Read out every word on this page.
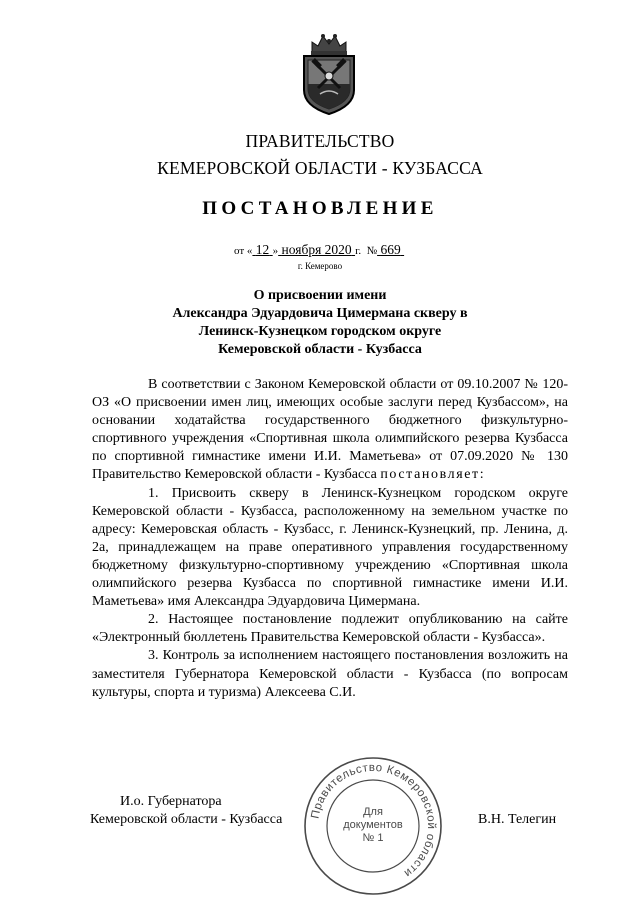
ПРАВИТЕЛЬСТВО
КЕМЕРОВСКОЙ ОБЛАСТИ - КУЗБАССА
ПОСТАНОВЛЕНИЕ
от « 12 » ноября 2020 г. № 669
г. Кемерово
О присвоении имени
Александра Эдуардовича Цимермана скверу в
Ленинск-Кузнецком городском округе
Кемеровской области - Кузбасса

В соответствии с Законом Кемеровской области от 09.10.2007 № 120-ОЗ «О присвоении имен лиц, имеющих особые заслуги перед Кузбассом», на основании ходатайства государственного бюджетного физкультурно-спортивного учреждения «Спортивная школа олимпийского резерва Кузбасса по спортивной гимнастике имени И.И. Маметьева» от 07.09.2020 № 130 Правительство Кемеровской области - Кузбасса постановляет:

1. Присвоить скверу в Ленинск-Кузнецком городском округе Кемеровской области - Кузбасса, расположенному на земельном участке по адресу: Кемеровская область - Кузбасс, г. Ленинск-Кузнецкий, пр. Ленина, д. 2а, принадлежащем на праве оперативного управления государственному бюджетному физкультурно-спортивному учреждению «Спортивная школа олимпийского резерва Кузбасса по спортивной гимнастике имени И.И. Маметьева» имя Александра Эдуардовича Цимермана.

2. Настоящее постановление подлежит опубликованию на сайте «Электронный бюллетень Правительства Кемеровской области - Кузбасса».

3. Контроль за исполнением настоящего постановления возложить на заместителя Губернатора Кемеровской области - Кузбасса (по вопросам культуры, спорта и туризма) Алексеева С.И.

И.о. Губернатора
Кемеровской области - Кузбасса	Правительство Кемеровской области
Для
документов
№ 1
В.Н. Телегин
